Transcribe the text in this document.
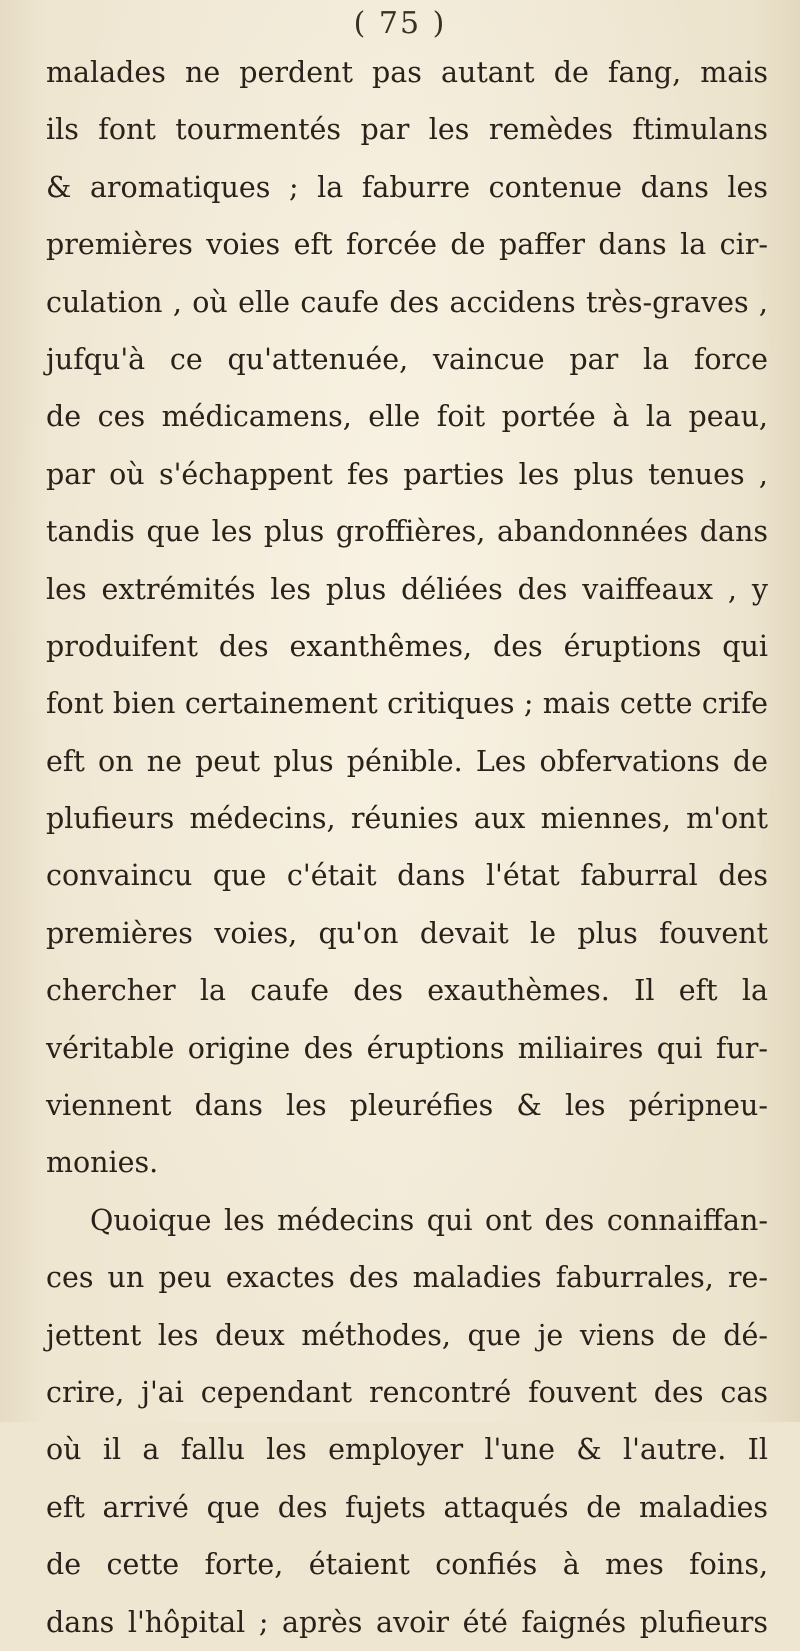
( 75 )
malades ne perdent pas autant de fang, mais
ils font tourmentés par les remèdes ftimulans
& aromatiques ; la faburre contenue dans les
premières voies eft forcée de paffer dans la cir-
culation , où elle caufe des accidens très-graves ,
jufqu'à ce qu'attenuée, vaincue par la force
de ces médicamens, elle foit portée à la peau,
par où s'échappent fes parties les plus tenues ,
tandis que les plus groffières, abandonnées dans
les extrémités les plus déliées des vaiffeaux , y
produifent des exanthêmes, des éruptions qui
font bien certainement critiques ; mais cette crife
eft on ne peut plus pénible. Les obfervations de
plufieurs médecins, réunies aux miennes, m'ont
convaincu que c'était dans l'état faburral des
premières voies, qu'on devait le plus fouvent
chercher la caufe des exauthèmes. Il eft la
véritable origine des éruptions miliaires qui fur-
viennent dans les pleuréfies & les péripneu-
monies.
Quoique les médecins qui ont des connaiffan-
ces un peu exactes des maladies faburrales, re-
jettent les deux méthodes, que je viens de dé-
crire, j'ai cependant rencontré fouvent des cas
où il a fallu les employer l'une & l'autre. Il
eft arrivé que des fujets attaqués de maladies
de cette forte, étaient confiés à mes foins,
dans l'hôpital ; après avoir été faignés plufieurs
